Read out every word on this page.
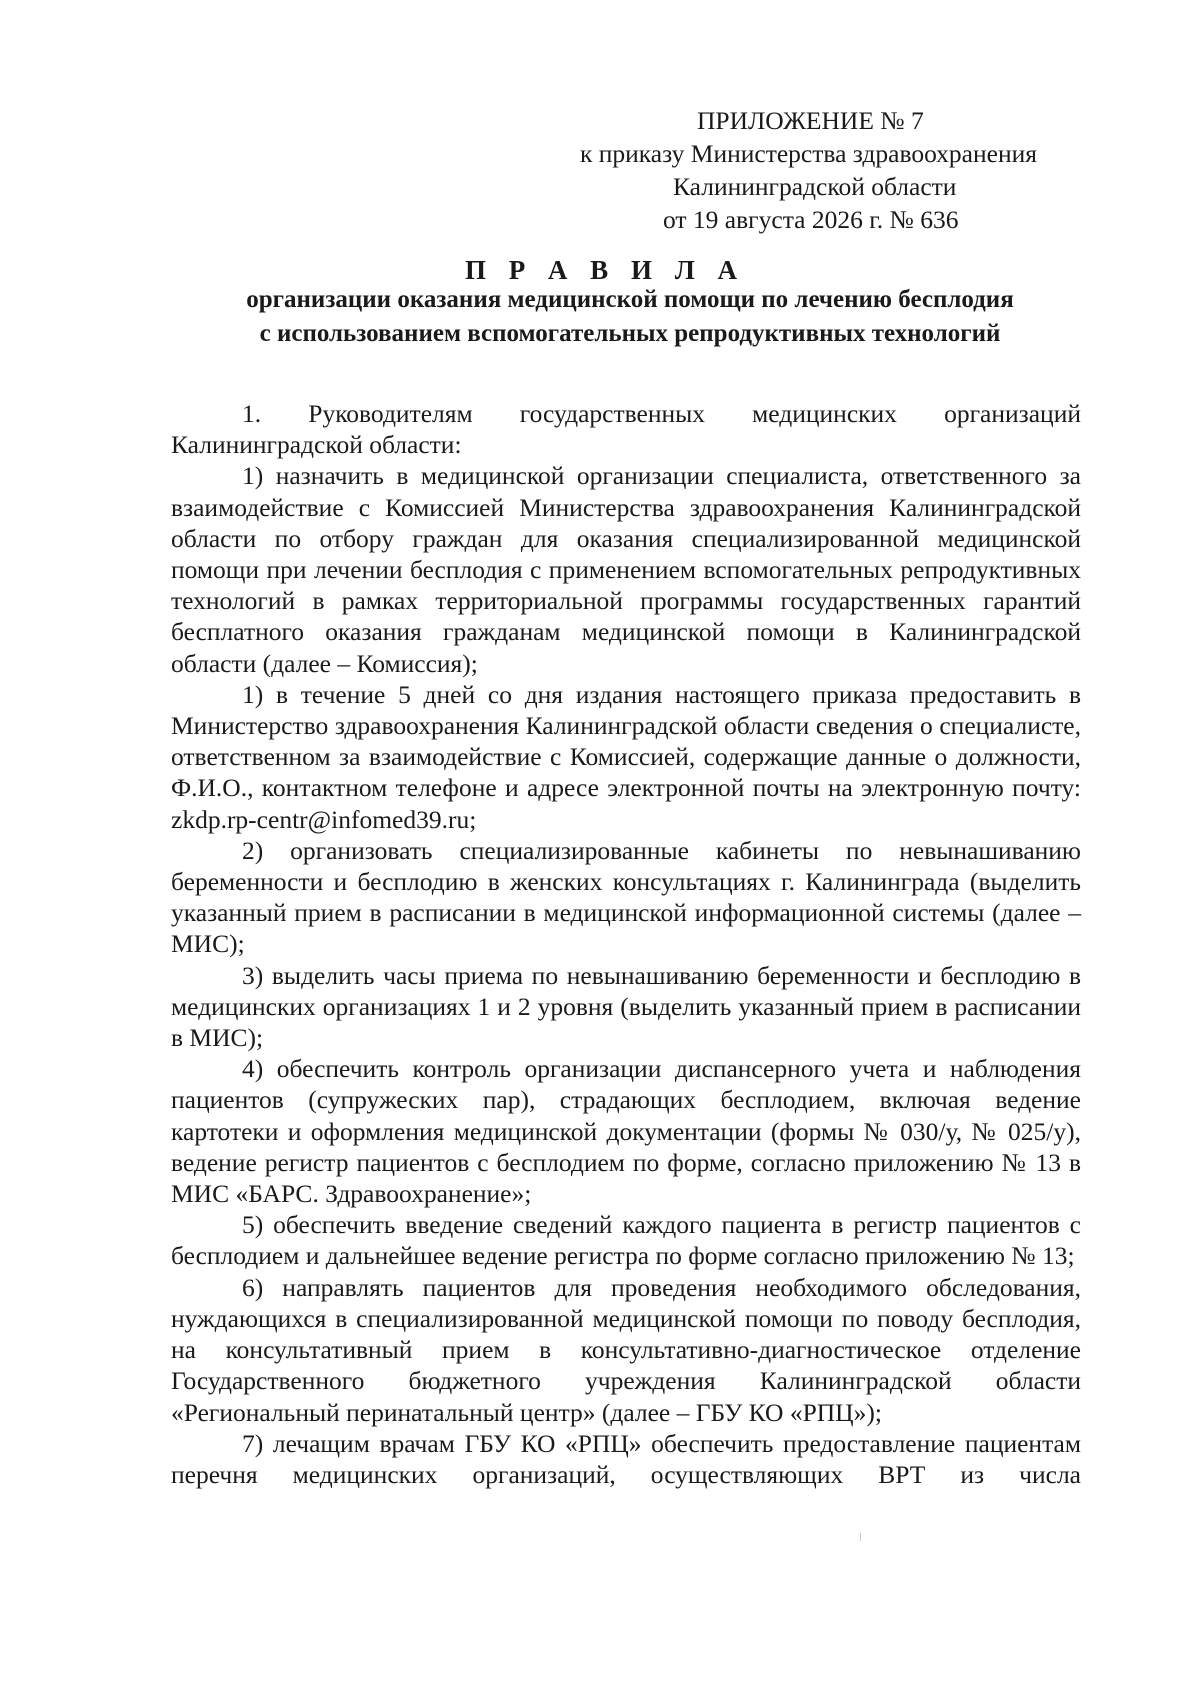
ПРИЛОЖЕНИЕ № 7
к приказу Министерства здравоохранения
Калининградской области
от 19 августа 2026 г. № 636
П Р А В И Л А
организации оказания медицинской помощи по лечению бесплодия
с использованием вспомогательных репродуктивных технологий

1. Руководителям государственных медицинских организаций Калининградской области:

1) назначить в медицинской организации специалиста, ответственного за взаимодействие с Комиссией Министерства здравоохранения Калининградской области по отбору граждан для оказания специализированной медицинской помощи при лечении бесплодия с применением вспомогательных репродуктивных технологий в рамках территориальной программы государственных гарантий бесплатного оказания гражданам медицинской помощи в Калининградской области (далее – Комиссия);

1) в течение 5 дней со дня издания настоящего приказа предоставить в Министерство здравоохранения Калининградской области сведения о специалисте, ответственном за взаимодействие с Комиссией, содержащие данные о должности, Ф.И.О., контактном телефоне и адресе электронной почты на электронную почту: zkdp.rp-centr@infomed39.ru;

2) организовать специализированные кабинеты по невынашиванию беременности и бесплодию в женских консультациях г. Калининграда (выделить указанный прием в расписании в медицинской информационной системы (далее – МИС);

3) выделить часы приема по невынашиванию беременности и бесплодию в медицинских организациях 1 и 2 уровня (выделить указанный прием в расписании в МИС);

4) обеспечить контроль организации диспансерного учета и наблюдения пациентов (супружеских пар), страдающих бесплодием, включая ведение картотеки и оформления медицинской документации (формы № 030/у, № 025/у), ведение регистр пациентов с бесплодием по форме, согласно приложению № 13 в МИС «БАРС. Здравоохранение»;

5) обеспечить введение сведений каждого пациента в регистр пациентов с бесплодием и дальнейшее ведение регистра по форме согласно приложению № 13;

6) направлять пациентов для проведения необходимого обследования, нуждающихся в специализированной медицинской помощи по поводу бесплодия, на консультативный прием в консультативно-диагностическое отделение Государственного бюджетного учреждения Калининградской области «Региональный перинатальный центр» (далее – ГБУ КО «РПЦ»);

7) лечащим врачам ГБУ КО «РПЦ» обеспечить предоставление пациентам перечня медицинских организаций, осуществляющих ВРТ из числа
